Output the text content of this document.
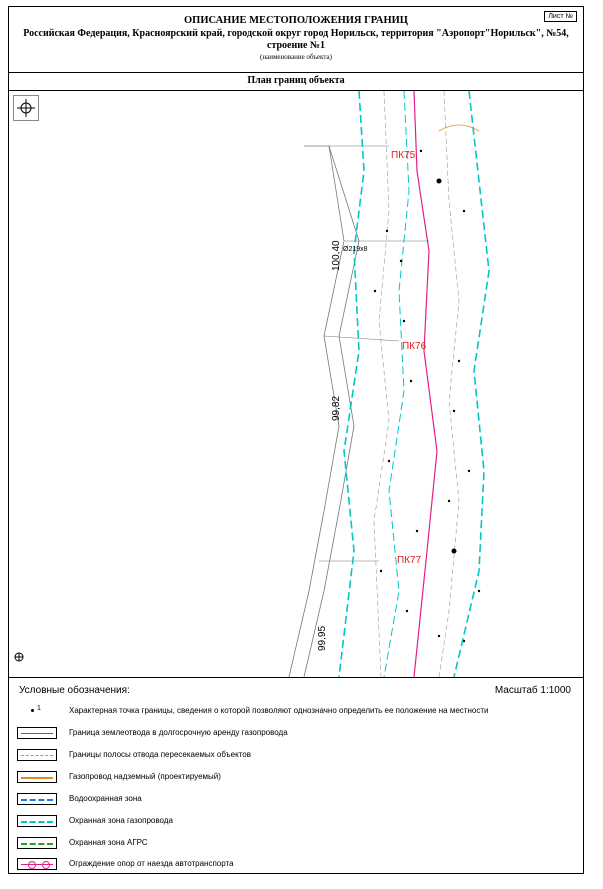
Лист №
ОПИСАНИЕ МЕСТОПОЛОЖЕНИЯ ГРАНИЦ
Российская Федерация, Красноярский край, городской округ город Норильск, территория "Аэропорт"Норильск", №54, строение №1
(наименование объекта)
План границ объекта
ПК75
ПК76
ПК77
Ø219х8
100,40
99,82
99,95
Условные обозначения:	Масштаб 1:1000
1	Характерная точка границы, сведения о которой позволяют однозначно определить ее положение на местности
Граница землеотвода в долгосрочную аренду газопровода
Границы полосы отвода пересекаемых объектов
Газопровод надземный (проектируемый)
Водоохранная зона
Охранная зона газопровода
Охранная зона АГРС
Ограждение опор от наезда автотранспорта
